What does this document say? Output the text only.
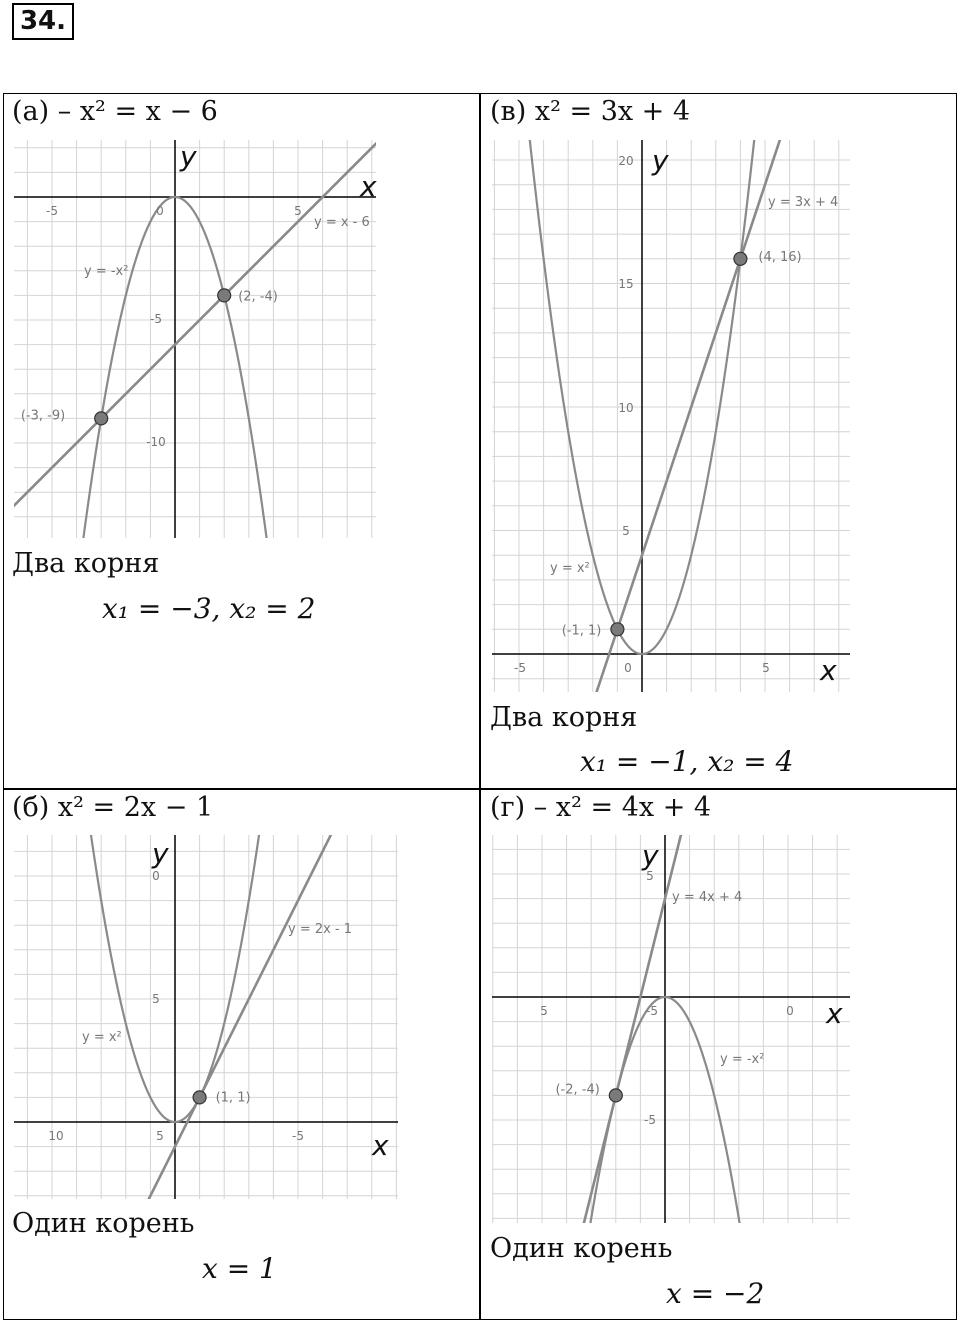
34.
(а) – x² = x − 6
-5	0	5
-5
-10
y = -x²
y = x - 6
x
y
(2, -4)
(-3, -9)
Два корня
x₁ = −3, x₂ = 2
(в) x² = 3x + 4
20
15
10
5
-5	0	5
y = 3x + 4
y = x²
x
y
(4, 16)
(-1, 1)
Два корня
x₁ = −1, x₂ = 4
(б) x² = 2x − 1
10	5	-5
0
5
y = 2x - 1
y = x²
x
y
(1, 1)
Один корень
x = 1
(г) – x² = 4x + 4
5	-5	0
5
-5
y = 4x + 4
y = -x²
x
y
(-2, -4)
Один корень
x = −2
